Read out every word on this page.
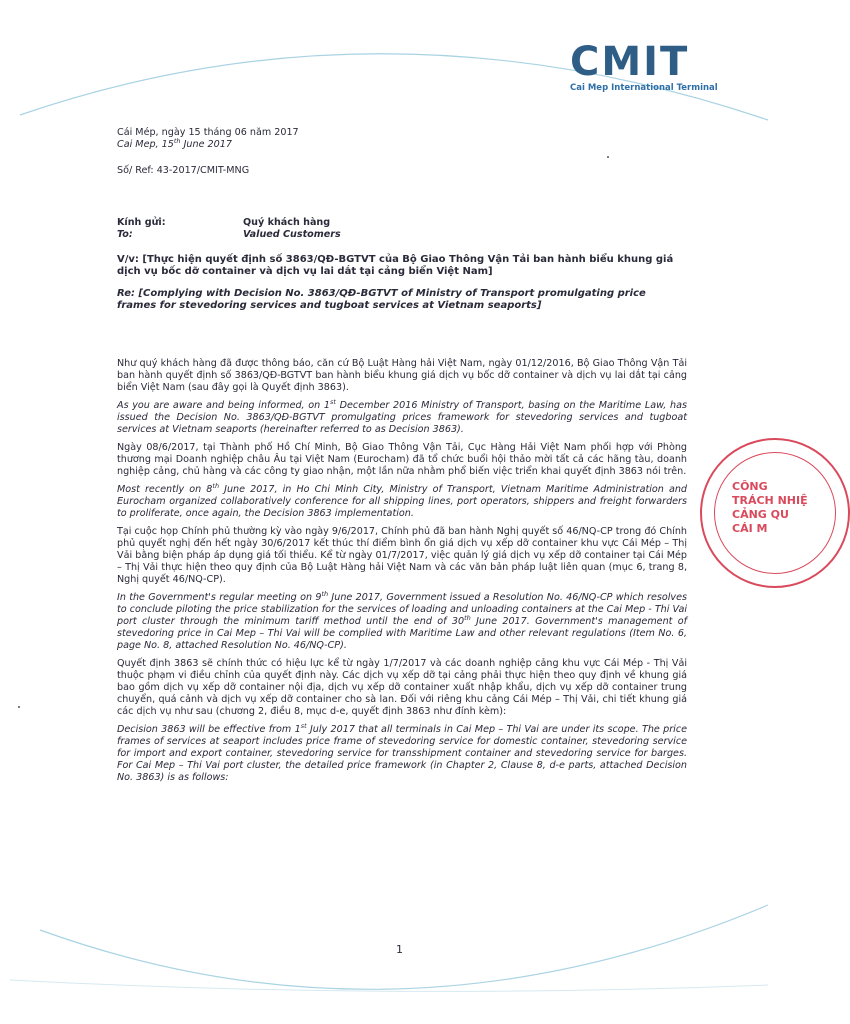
CMIT
Cai Mep International Terminal
Cái Mép, ngày 15 tháng 06 năm 2017
Cai Mep, 15th June 2017
Số/ Ref: 43-2017/CMIT-MNG
Kính gửi:	Quý khách hàng
To:	Valued Customers
V/v: [Thực hiện quyết định số 3863/QĐ-BGTVT của Bộ Giao Thông Vận Tải ban hành biểu khung giá dịch vụ bốc dỡ container và dịch vụ lai dắt tại cảng biển Việt Nam]
Re: [Complying with Decision No. 3863/QĐ-BGTVT of Ministry of Transport promulgating price frames for stevedoring services and tugboat services at Vietnam seaports]

Như quý khách hàng đã được thông báo, căn cứ Bộ Luật Hàng hải Việt Nam, ngày 01/12/2016, Bộ Giao Thông Vận Tải ban hành quyết định số 3863/QĐ-BGTVT ban hành biểu khung giá dịch vụ bốc dỡ container và dịch vụ lai dắt tại cảng biển Việt Nam (sau đây gọi là Quyết định 3863).

As you are aware and being informed, on 1st December 2016 Ministry of Transport, basing on the Maritime Law, has issued the Decision No. 3863/QĐ-BGTVT promulgating prices framework for stevedoring services and tugboat services at Vietnam seaports (hereinafter referred to as Decision 3863).

Ngày 08/6/2017, tại Thành phố Hồ Chí Minh, Bộ Giao Thông Vận Tải, Cục Hàng Hải Việt Nam phối hợp với Phòng thương mại Doanh nghiệp châu Âu tại Việt Nam (Eurocham) đã tổ chức buổi hội thảo mời tất cả các hãng tàu, doanh nghiệp cảng, chủ hàng và các công ty giao nhận, một lần nữa nhằm phổ biến việc triển khai quyết định 3863 nói trên.

Most recently on 8th June 2017, in Ho Chi Minh City, Ministry of Transport, Vietnam Maritime Administration and Eurocham organized collaboratively conference for all shipping lines, port operators, shippers and freight forwarders to proliferate, once again, the Decision 3863 implementation.

Tại cuộc họp Chính phủ thường kỳ vào ngày 9/6/2017, Chính phủ đã ban hành Nghị quyết số 46/NQ-CP trong đó Chính phủ quyết nghị đến hết ngày 30/6/2017 kết thúc thí điểm bình ổn giá dịch vụ xếp dỡ container khu vực Cái Mép – Thị Vải bằng biện pháp áp dụng giá tối thiểu. Kể từ ngày 01/7/2017, việc quản lý giá dịch vụ xếp dỡ container tại Cái Mép – Thị Vải thực hiện theo quy định của Bộ Luật Hàng hải Việt Nam và các văn bản pháp luật liên quan (mục 6, trang 8, Nghị quyết 46/NQ-CP).

In the Government's regular meeting on 9th June 2017, Government issued a Resolution No. 46/NQ-CP which resolves to conclude piloting the price stabilization for the services of loading and unloading containers at the Cai Mep - Thi Vai port cluster through the minimum tariff method until the end of 30th June 2017. Government's management of stevedoring price in Cai Mep – Thi Vai will be complied with Maritime Law and other relevant regulations (Item No. 6, page No. 8, attached Resolution No. 46/NQ-CP).

Quyết định 3863 sẽ chính thức có hiệu lực kể từ ngày 1/7/2017 và các doanh nghiệp cảng khu vực Cái Mép - Thị Vải thuộc phạm vi điều chỉnh của quyết định này. Các dịch vụ xếp dỡ tại cảng phải thực hiện theo quy định về khung giá bao gồm dịch vụ xếp dỡ container nội địa, dịch vụ xếp dỡ container xuất nhập khẩu, dịch vụ xếp dỡ container trung chuyển, quá cảnh và dịch vụ xếp dỡ container cho sà lan. Đối với riêng khu cảng Cái Mép – Thị Vải, chi tiết khung giá các dịch vụ như sau (chương 2, điều 8, mục d-e, quyết định 3863 như đính kèm):

Decision 3863 will be effective from 1st July 2017 that all terminals in Cai Mep – Thi Vai are under its scope. The price frames of services at seaport includes price frame of stevedoring service for domestic container, stevedoring service for import and export container, stevedoring service for transshipment container and stevedoring service for barges. For Cai Mep – Thi Vai port cluster, the detailed price framework (in Chapter 2, Clause 8, d-e parts, attached Decision No. 3863) is as follows:

CÔNG
TRÁCH NHIỆ
CẢNG QU
CÁI M
1
